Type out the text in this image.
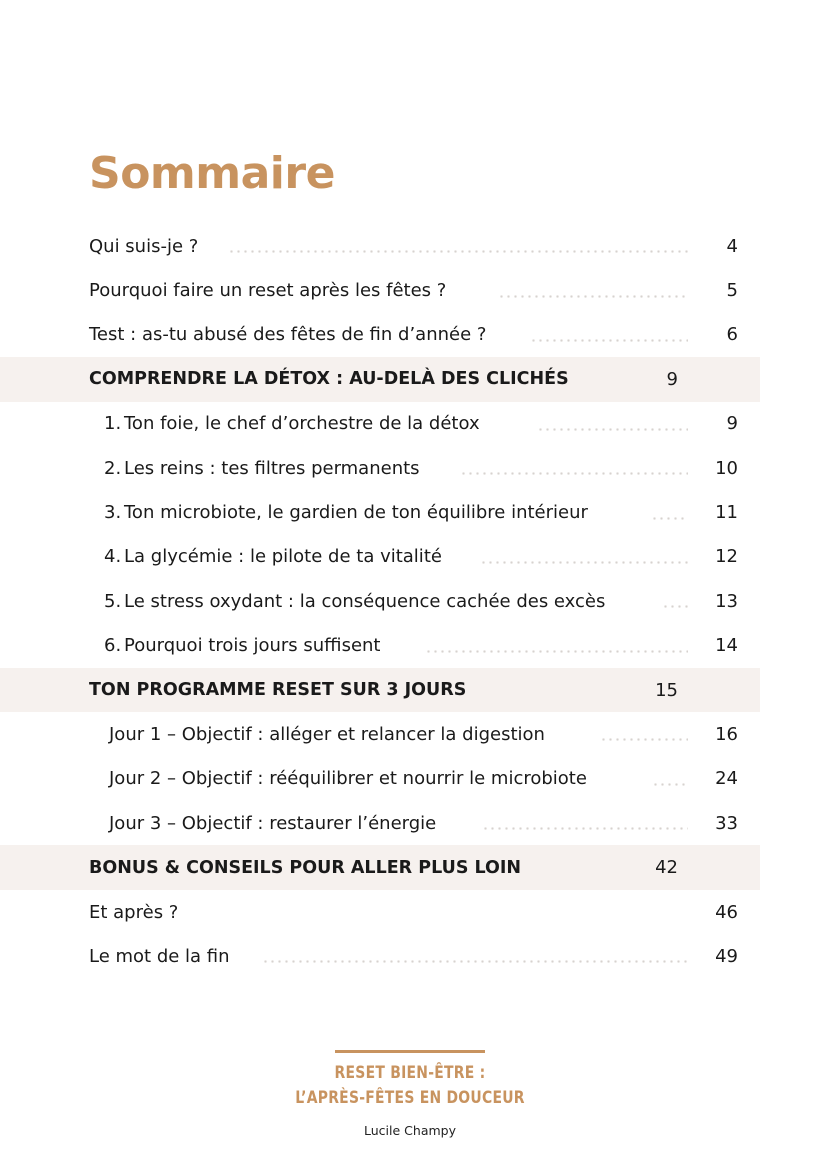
Sommaire
Qui suis-je ?	4
Pourquoi faire un reset après les fêtes ?	5
Test : as-tu abusé des fêtes de fin d’année ?	6
COMPRENDRE LA DÉTOX : AU-DELÀ DES CLICHÉS	9
1. Ton foie, le chef d’orchestre de la détox	9
2. Les reins : tes filtres permanents	10
3. Ton microbiote, le gardien de ton équilibre intérieur	11
4. La glycémie : le pilote de ta vitalité	12
5. Le stress oxydant : la conséquence cachée des excès	13
6. Pourquoi trois jours suffisent	14
TON PROGRAMME RESET SUR 3 JOURS	15
Jour 1 – Objectif : alléger et relancer la digestion	16
Jour 2 – Objectif : rééquilibrer et nourrir le microbiote	24
Jour 3 – Objectif : restaurer l’énergie	33
BONUS & CONSEILS POUR ALLER PLUS LOIN	42
Et après ?	46
Le mot de la fin	49
RESET BIEN-ÊTRE :
L’APRÈS-FÊTES EN DOUCEUR
Lucile Champy
